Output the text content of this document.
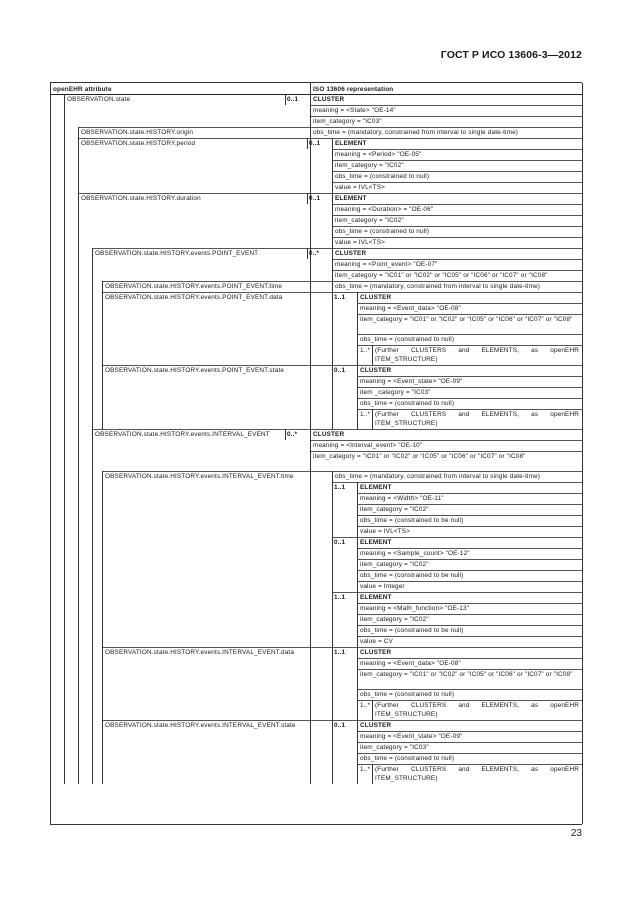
ГОСТ Р ИСО 13606-3—2012
openEHR attribute	ISO 13606 representation
OBSERVATION.state	0..1	CLUSTER
meaning = <State> "OE-14"
item_category = "IC03"
OBSERVATION.state.HISTORY.origin	obs_time = (mandatory, constrained from interval to single date-time)
OBSERVATION.state.HISTORY.period	0..1	ELEMENT
meaning = <Period> "OE-05"
item_category = "IC02"
obs_time = (constrained to null)
value = IVL<TS>
OBSERVATION.state.HISTORY.duration	0..1	ELEMENT
meaning = <Duration> = "OE-06"
item_category = "IC02"
obs_time = (constrained to null)
value = IVL<TS>
OBSERVATION.state.HISTORY.events.POINT_EVENT	0..*	CLUSTER
meaning = <Point_event> "OE-07"
item_category = "IC01" or "IC02" or "IC05" or "IC06" or "IC07" or "IC08"
OBSERVATION.state.HISTORY.events.POINT_EVENT.time	obs_time = (mandatory, constrained from interval to single date-time)
OBSERVATION.state.HISTORY.events.POINT_EVENT.data	1..1	CLUSTER
meaning = <Event_data> "OE-08"
item_category = "IC01" or "IC02" or "IC05" or "IC06" or "IC07" or "IC08"
obs_time = (constrained to null)
1..* (Further CLUSTERS and ELEMENTS, as openEHR ITEM_STRUCTURE)
OBSERVATION.state.HISTORY.events.POINT_EVENT.state	0..1	CLUSTER
meaning = <Event_state> "OE-09"
item _category = "IC03"
obs_time = (constrained to null)
1..* (Further CLUSTERS and ELEMENTS, as openEHR ITEM_STRUCTURE)
OBSERVATION.state.HISTORY.events.INTERVAL_EVENT	0..*	CLUSTER
meaning = <Interval_event> "OE-10"
item_category = "IC01" or "IC02" or "IC05" or "IC06" or "IC07" or "IC08"
OBSERVATION.state.HISTORY.events.INTERVAL_EVENT.time	obs_time = (mandatory, constrained from interval to single date-time)
1..1	ELEMENT
meaning = <Width> "OE-11"
item_category = "IC02"
obs_time = (constrained to be null)
value = IVL<TS>
0..1	ELEMENT
meaning = <Sample_count> "OE-12"
item_category = "IC02"
obs_time = (constrained to be null)
value = Integer
1..1	ELEMENT
meaning = <Math_function> "OE-13"
item_category = "IC02"
obs_time = (constrained to be null)
value = CV
OBSERVATION.state.HISTORY.events.INTERVAL_EVENT.data	1..1	CLUSTER
meaning = <Event_data> "OE-08"
item_category = "IC01" or "IC02" or "IC05" or "IC06" or "IC07" or "IC08"
obs_time = (constrained to null)
1..* (Further CLUSTERS and ELEMENTS, as openEHR ITEM_STRUCTURE)
OBSERVATION.state.HISTORY.events.INTERVAL_EVENT.state	0..1	CLUSTER
meaning = <Event_state> "OE-09"
item_category = "IC03"
obs_time = (constrained to null)
1..* (Further CLUSTERS and ELEMENTS, as openEHR ITEM_STRUCTURE)
23
